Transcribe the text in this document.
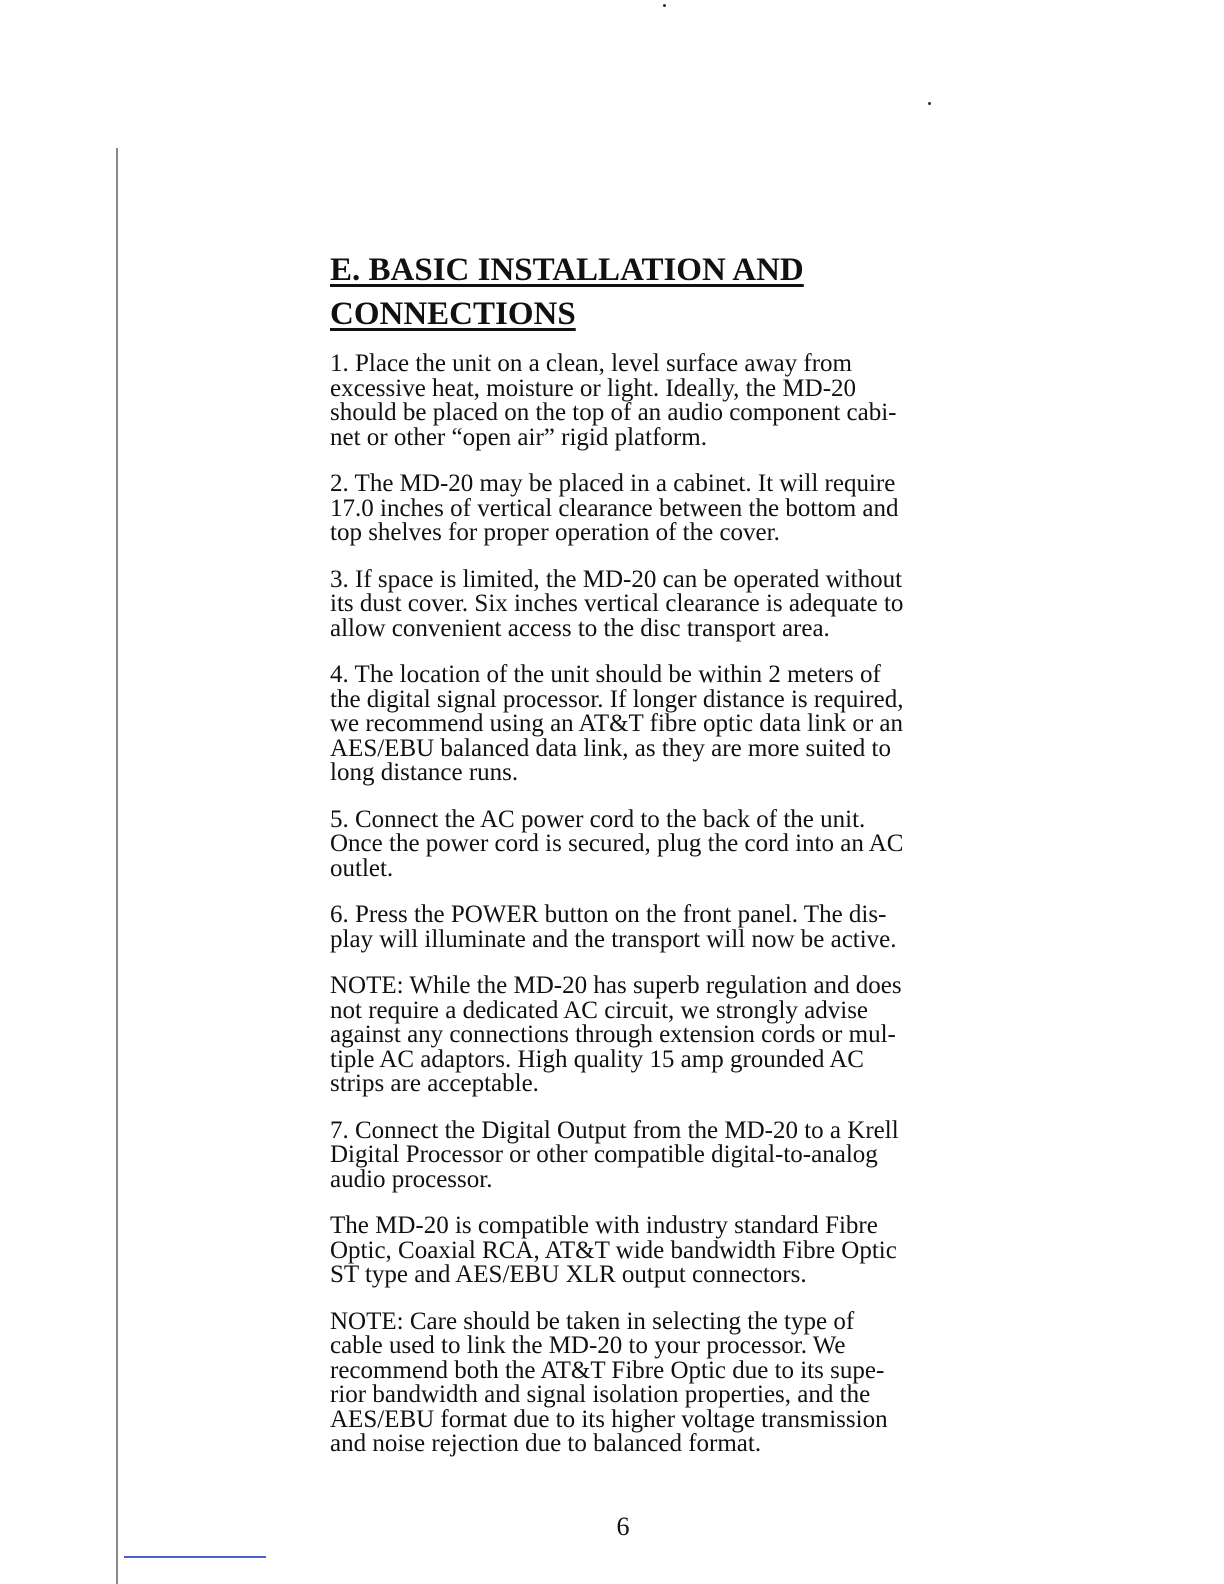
E. BASIC INSTALLATION AND
CONNECTIONS

1. Place the unit on a clean, level surface away from
excessive heat, moisture or light. Ideally, the MD-20
should be placed on the top of an audio component cabi-
net or other “open air” rigid platform.

2. The MD-20 may be placed in a cabinet. It will require
17.0 inches of vertical clearance between the bottom and
top shelves for proper operation of the cover.

3. If space is limited, the MD-20 can be operated without
its dust cover. Six inches vertical clearance is adequate to
allow convenient access to the disc transport area.

4. The location of the unit should be within 2 meters of
the digital signal processor. If longer distance is required,
we recommend using an AT&T fibre optic data link or an
AES/EBU balanced data link, as they are more suited to
long distance runs.

5. Connect the AC power cord to the back of the unit.
Once the power cord is secured, plug the cord into an AC
outlet.

6. Press the POWER button on the front panel. The dis-
play will illuminate and the transport will now be active.

NOTE: While the MD-20 has superb regulation and does
not require a dedicated AC circuit, we strongly advise
against any connections through extension cords or mul-
tiple AC adaptors. High quality 15 amp grounded AC
strips are acceptable.

7. Connect the Digital Output from the MD-20 to a Krell
Digital Processor or other compatible digital-to-analog
audio processor.

The MD-20 is compatible with industry standard Fibre
Optic, Coaxial RCA, AT&T wide bandwidth Fibre Optic
ST type and AES/EBU XLR output connectors.

NOTE: Care should be taken in selecting the type of
cable used to link the MD-20 to your processor. We
recommend both the AT&T Fibre Optic due to its supe-
rior bandwidth and signal isolation properties, and the
AES/EBU format due to its higher voltage transmission
and noise rejection due to balanced format.

6
